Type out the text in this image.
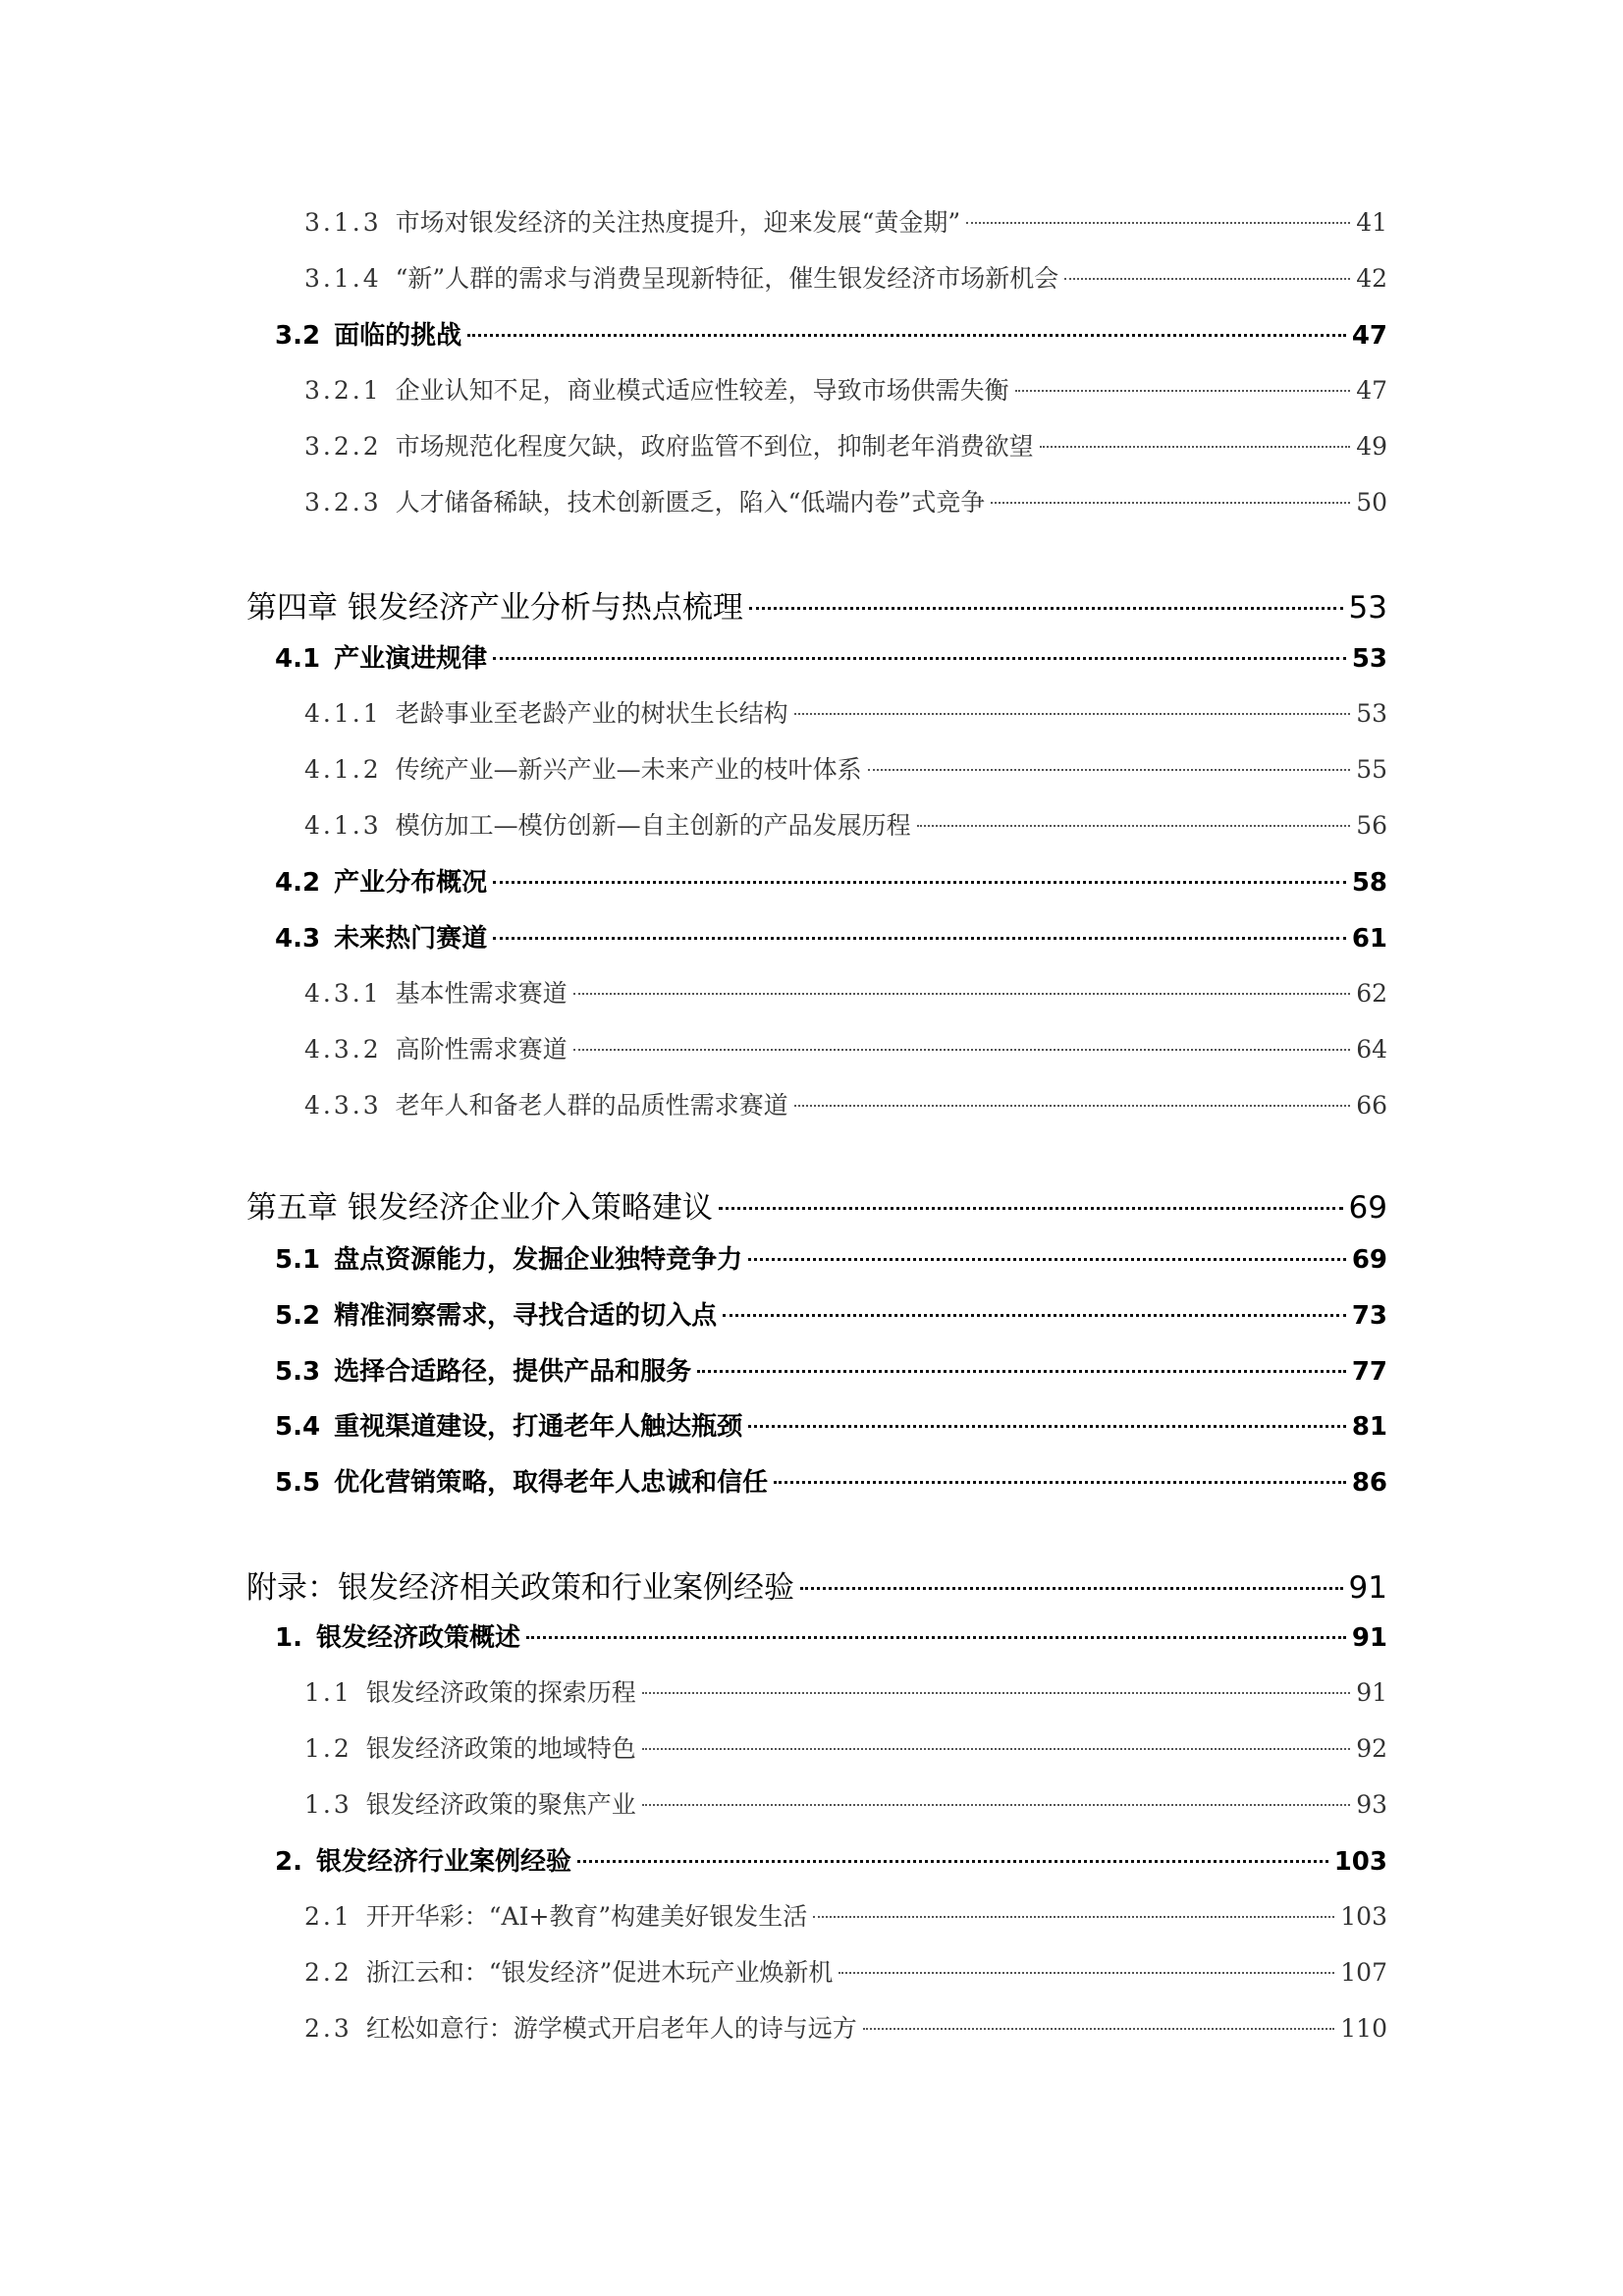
3.1.3 市场对银发经济的关注热度提升，迎来发展“黄金期”	41
3.1.4 “新”人群的需求与消费呈现新特征，催生银发经济市场新机会	42
3.2 面临的挑战	47
3.2.1 企业认知不足，商业模式适应性较差，导致市场供需失衡	47
3.2.2 市场规范化程度欠缺，政府监管不到位，抑制老年消费欲望	49
3.2.3 人才储备稀缺，技术创新匮乏，陷入“低端内卷”式竞争	50
第四章 银发经济产业分析与热点梳理	53
4.1 产业演进规律	53
4.1.1 老龄事业至老龄产业的树状生长结构	53
4.1.2 传统产业—新兴产业—未来产业的枝叶体系	55
4.1.3 模仿加工—模仿创新—自主创新的产品发展历程	56
4.2 产业分布概况	58
4.3 未来热门赛道	61
4.3.1 基本性需求赛道	62
4.3.2 高阶性需求赛道	64
4.3.3 老年人和备老人群的品质性需求赛道	66
第五章 银发经济企业介入策略建议	69
5.1 盘点资源能力，发掘企业独特竞争力	69
5.2 精准洞察需求，寻找合适的切入点	73
5.3 选择合适路径，提供产品和服务	77
5.4 重视渠道建设，打通老年人触达瓶颈	81
5.5 优化营销策略，取得老年人忠诚和信任	86
附录：银发经济相关政策和行业案例经验	91
1. 银发经济政策概述	91
1.1 银发经济政策的探索历程	91
1.2 银发经济政策的地域特色	92
1.3 银发经济政策的聚焦产业	93
2. 银发经济行业案例经验	103
2.1 开开华彩：“AI+教育”构建美好银发生活	103
2.2 浙江云和：“银发经济”促进木玩产业焕新机	107
2.3 红松如意行：游学模式开启老年人的诗与远方	110
